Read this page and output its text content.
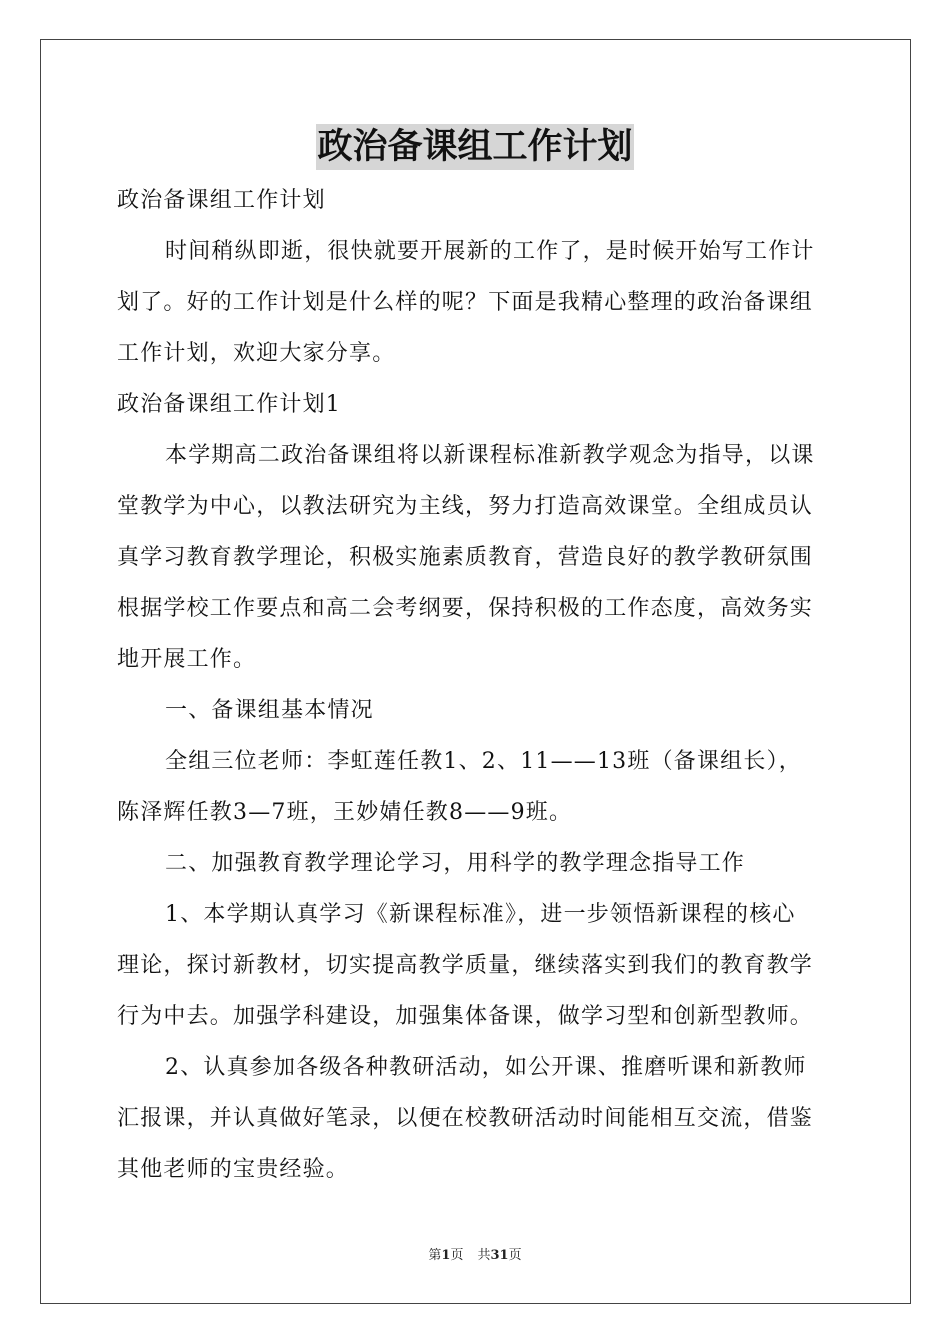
政治备课组工作计划
政治备课组工作计划
时间稍纵即逝，很快就要开展新的工作了，是时候开始写工作计
划了。好的工作计划是什么样的呢？下面是我精心整理的政治备课组
工作计划，欢迎大家分享。
政治备课组工作计划1
本学期高二政治备课组将以新课程标准新教学观念为指导，以课
堂教学为中心，以教法研究为主线，努力打造高效课堂。全组成员认
真学习教育教学理论，积极实施素质教育，营造良好的教学教研氛围
根据学校工作要点和高二会考纲要，保持积极的工作态度，高效务实
地开展工作。
一、备课组基本情况
全组三位老师：李虹莲任教1、2、11——13班（备课组长），
陈泽辉任教3—7班，王妙婧任教8——9班。
二、加强教育教学理论学习，用科学的教学理念指导工作
1、本学期认真学习《新课程标准》，进一步领悟新课程的核心
理论，探讨新教材，切实提高教学质量，继续落实到我们的教育教学
行为中去。加强学科建设，加强集体备课，做学习型和创新型教师。
2、认真参加各级各种教研活动，如公开课、推磨听课和新教师
汇报课，并认真做好笔录，以便在校教研活动时间能相互交流，借鉴
其他老师的宝贵经验。
第1页 共31页
